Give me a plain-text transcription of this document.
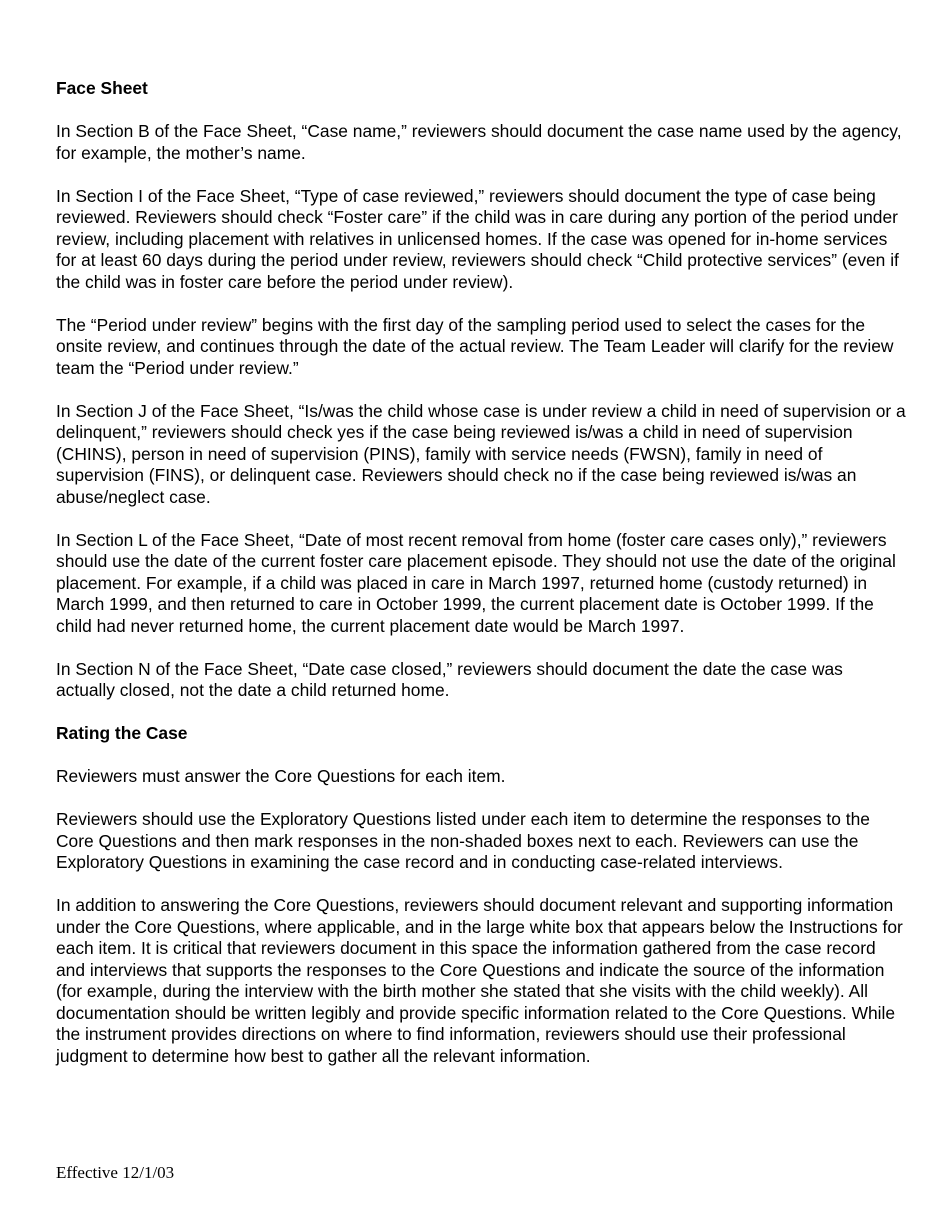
Face Sheet

In Section B of the Face Sheet, “Case name,” reviewers should document the case name used by the agency, for example, the mother’s name.

In Section I of the Face Sheet, “Type of case reviewed,” reviewers should document the type of case being reviewed. Reviewers should check “Foster care” if the child was in care during any portion of the period under review, including placement with relatives in unlicensed homes. If the case was opened for in-home services for at least 60 days during the period under review, reviewers should check “Child protective services” (even if the child was in foster care before the period under review).

The “Period under review” begins with the first day of the sampling period used to select the cases for the onsite review, and continues through the date of the actual review. The Team Leader will clarify for the review team the “Period under review.”

In Section J of the Face Sheet, “Is/was the child whose case is under review a child in need of supervision or a delinquent,” reviewers should check yes if the case being reviewed is/was a child in need of supervision (CHINS), person in need of supervision (PINS), family with service needs (FWSN), family in need of supervision (FINS), or delinquent case. Reviewers should check no if the case being reviewed is/was an abuse/neglect case.

In Section L of the Face Sheet, “Date of most recent removal from home (foster care cases only),” reviewers should use the date of the current foster care placement episode. They should not use the date of the original placement. For example, if a child was placed in care in March 1997, returned home (custody returned) in March 1999, and then returned to care in October 1999, the current placement date is October 1999. If the child had never returned home, the current placement date would be March 1997.

In Section N of the Face Sheet, “Date case closed,” reviewers should document the date the case was actually closed, not the date a child returned home.

Rating the Case

Reviewers must answer the Core Questions for each item.

Reviewers should use the Exploratory Questions listed under each item to determine the responses to the Core Questions and then mark responses in the non-shaded boxes next to each. Reviewers can use the Exploratory Questions in examining the case record and in conducting case-related interviews.

In addition to answering the Core Questions, reviewers should document relevant and supporting information under the Core Questions, where applicable, and in the large white box that appears below the Instructions for each item. It is critical that reviewers document in this space the information gathered from the case record and interviews that supports the responses to the Core Questions and indicate the source of the information (for example, during the interview with the birth mother she stated that she visits with the child weekly). All documentation should be written legibly and provide specific information related to the Core Questions. While the instrument provides directions on where to find information, reviewers should use their professional judgment to determine how best to gather all the relevant information.

Effective 12/1/03
